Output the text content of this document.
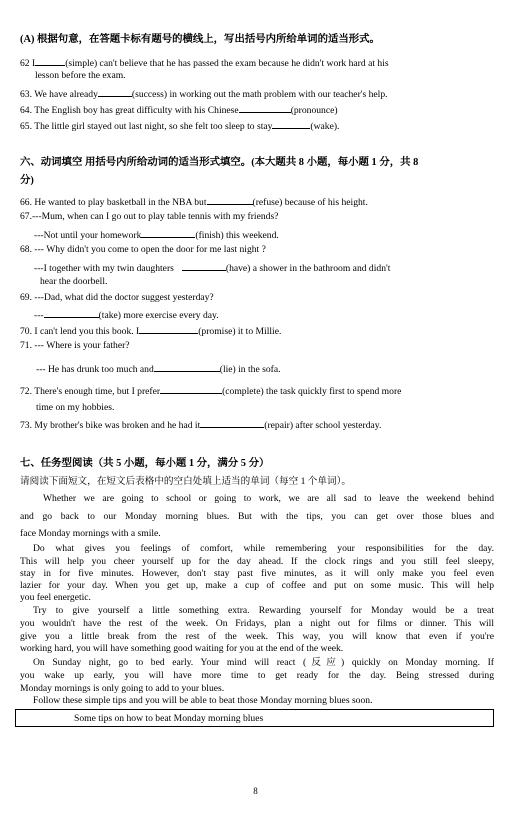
(A) 根据句意，在答题卡标有题号的横线上，写出括号内所给单词的适当形式。
62 I	(simple) can't believe that he has passed the exam because he didn't work hard at his
lesson before the exam.
63. We have already	(success) in working out the math problem with our teacher's help.
64. The English boy has great difficulty with his Chinese	(pronounce)
65. The little girl stayed out last night, so she felt too sleep to stay	(wake).
六、动词填空 用括号内所给动词的适当形式填空。(本大题共 8 小题，每小题 1 分，共 8
分)
66. He wanted to play basketball in the NBA but	(refuse) because of his height.
67.---Mum, when can I go out to play table tennis with my friends?
---Not until your homework	(finish) this weekend.
68. --- Why didn't you come to open the door for me last night ?
---I together with my twin daughters	(have) a shower in the bathroom and didn't
hear the doorbell.
69. ---Dad, what did the doctor suggest yesterday?
---	(take) more exercise every day.
70. I can't lend you this book. I	(promise) it to Millie.
71. --- Where is your father?
--- He has drunk too much and	(lie) in the sofa.
72. There's enough time, but I prefer	(complete) the task quickly first to spend more
time on my hobbies.
73. My brother's bike was broken and he had it	(repair) after school yesterday.
七、任务型阅读（共 5 小题，每小题 1 分，满分 5 分）
请阅读下面短文，在短文后表格中的空白处填上适当的单词（每空 1 个单词）。
Whether we are going to school or going to work, we are all sad to leave the weekend behind
and go back to our Monday morning blues. But with the tips, you can get over those blues and
face Monday mornings with a smile.
Do what gives you feelings of comfort, while remembering your responsibilities for the day.
This will help you cheer yourself up for the day ahead. If the clock rings and you still feel sleepy,
stay in for five minutes. However, don't stay past five minutes, as it will only make you feel even
lazier for your day. When you get up, make a cup of coffee and put on some music. This will help
you feel energetic.
Try to give yourself a little something extra. Rewarding yourself for Monday would be a treat
you wouldn't have the rest of the week. On Fridays, plan a night out for films or dinner. This will
give you a little break from the rest of the week. This way, you will know that even if you're
working hard, you will have something good waiting for you at the end of the week.
On Sunday night, go to bed early. Your mind will react (反应) quickly on Monday morning. If
you wake up early, you will have more time to get ready for the day. Being stressed during
Monday mornings is only going to add to your blues.
Follow these simple tips and you will be able to beat those Monday morning blues soon.
Some tips on how to beat Monday morning blues
8
